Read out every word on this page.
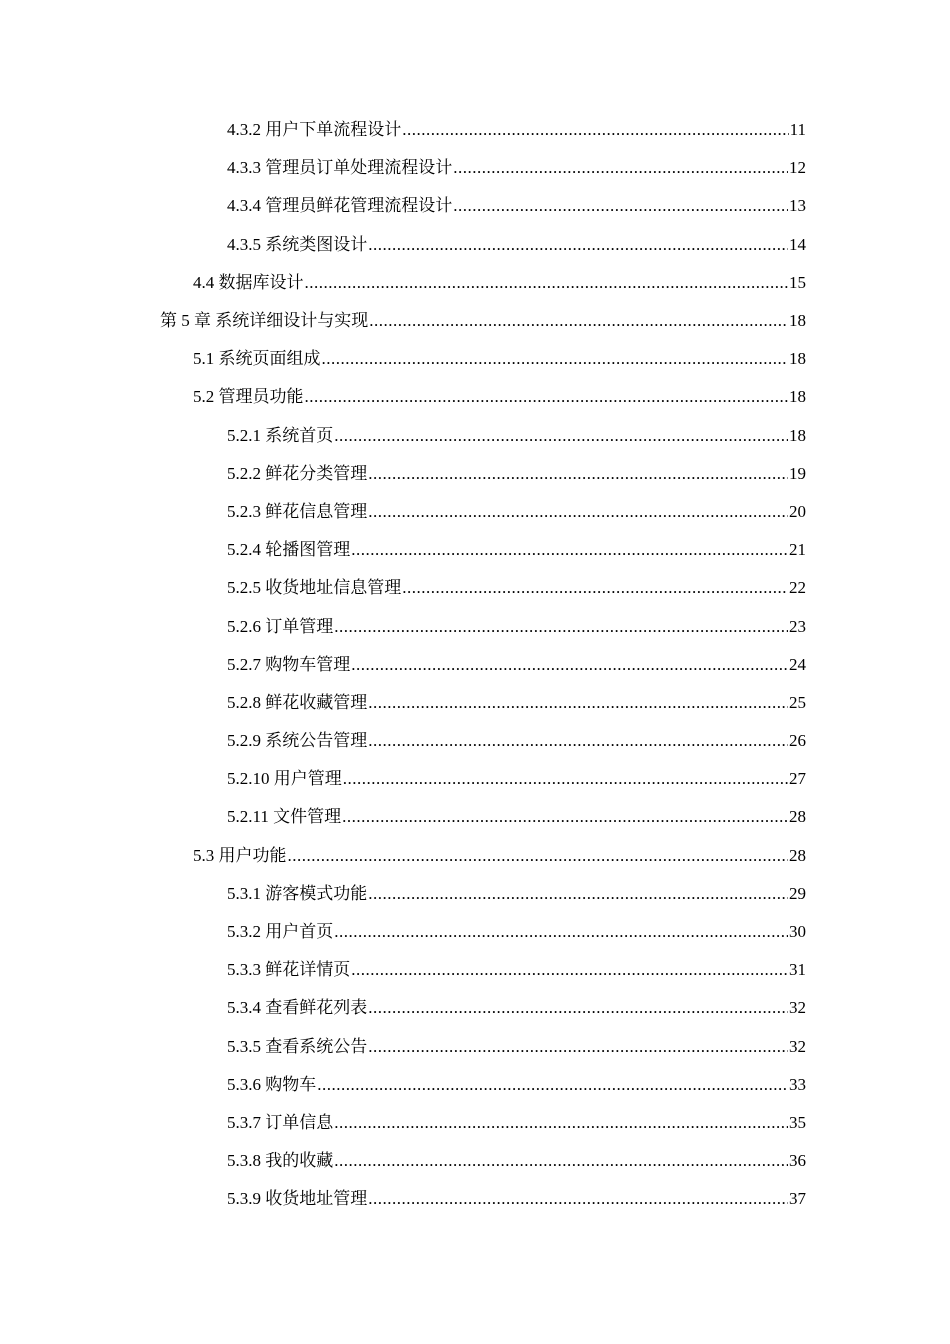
4.3.2 用户下单流程设计 .....	11
4.3.3 管理员订单处理流程设计 .....	12
4.3.4 管理员鲜花管理流程设计 .....	13
4.3.5 系统类图设计 .....	14
4.4 数据库设计 .....	15
第 5 章 系统详细设计与实现 .....	18
5.1 系统页面组成 .....	18
5.2 管理员功能 .....	18
5.2.1 系统首页 .....	18
5.2.2 鲜花分类管理 .....	19
5.2.3 鲜花信息管理 .....	20
5.2.4 轮播图管理 .....	21
5.2.5 收货地址信息管理 .....	22
5.2.6 订单管理 .....	23
5.2.7 购物车管理 .....	24
5.2.8 鲜花收藏管理 .....	25
5.2.9 系统公告管理 .....	26
5.2.10 用户管理 .....	27
5.2.11 文件管理 .....	28
5.3 用户功能 .....	28
5.3.1 游客模式功能 .....	29
5.3.2 用户首页 .....	30
5.3.3 鲜花详情页 .....	31
5.3.4 查看鲜花列表 .....	32
5.3.5 查看系统公告 .....	32
5.3.6 购物车 .....	33
5.3.7 订单信息 .....	35
5.3.8 我的收藏 .....	36
5.3.9 收货地址管理 .....	37
